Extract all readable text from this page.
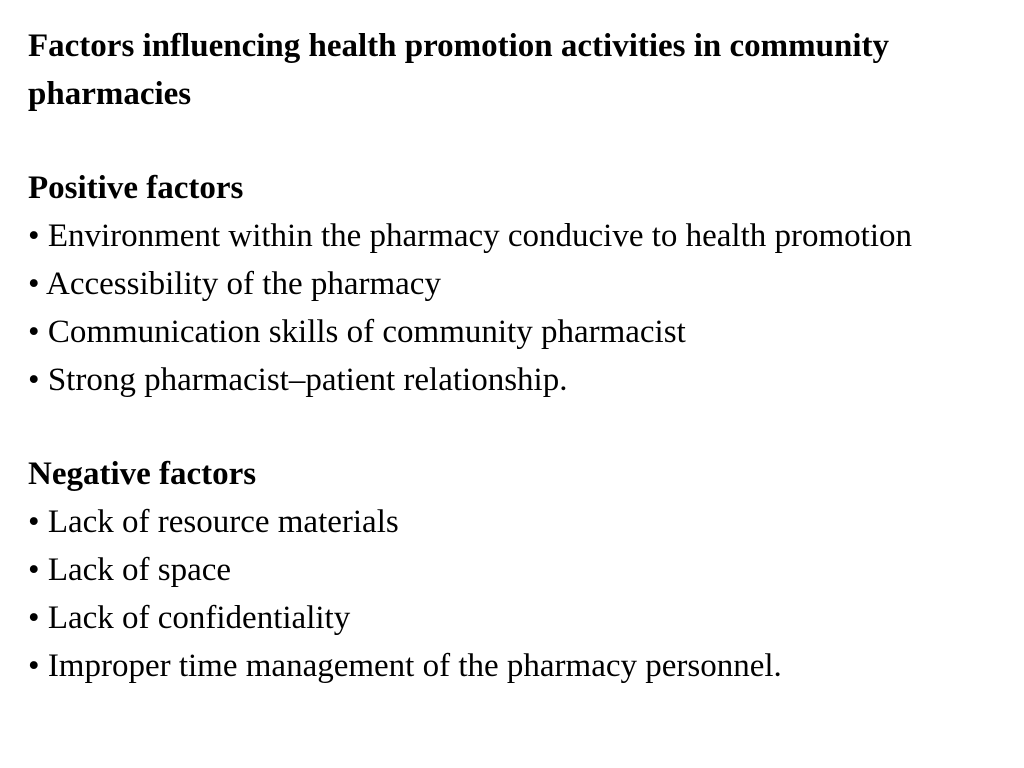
Factors influencing health promotion activities in community pharmacies
Positive factors
• Environment within the pharmacy conducive to health promotion
• Accessibility of the pharmacy
• Communication skills of community pharmacist
• Strong pharmacist–patient relationship.
Negative factors
• Lack of resource materials
• Lack of space
• Lack of confidentiality
• Improper time management of the pharmacy personnel.
